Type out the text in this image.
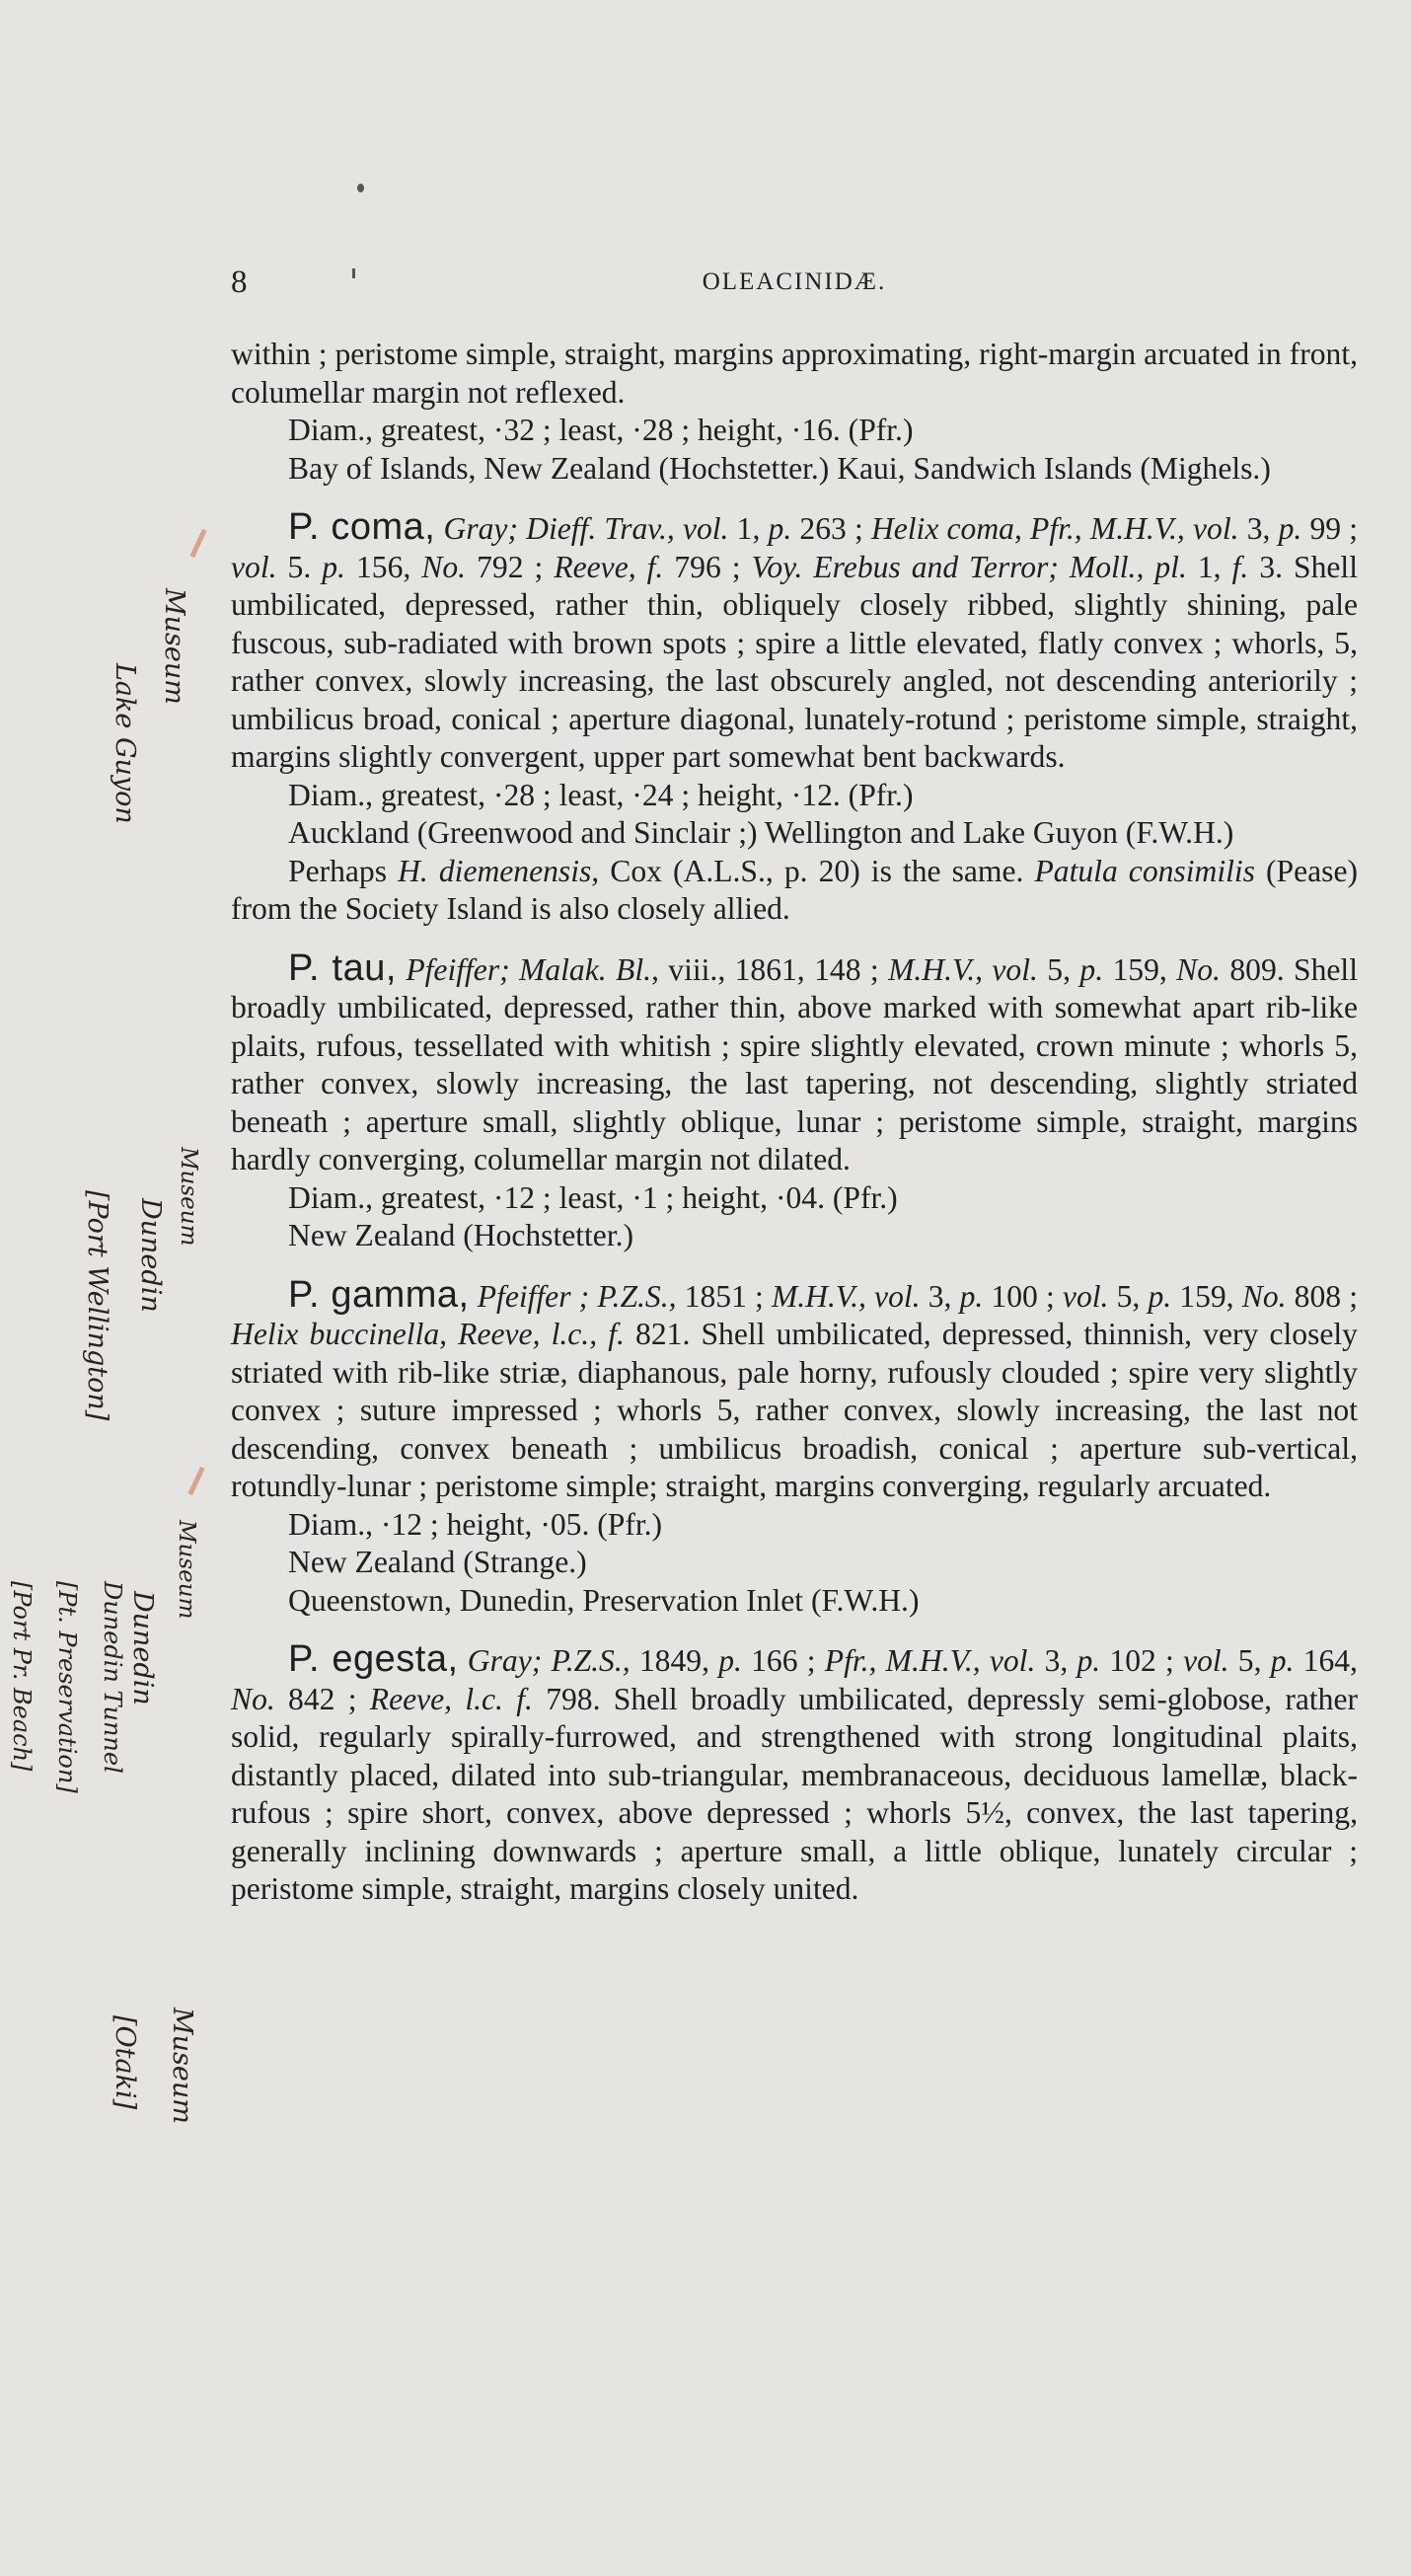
8	OLEACINIDÆ.
Museum
Lake Guyon
Museum
Dunedin
[Port Wellington]
Museum
Dunedin
Dunedin Tunnel
[Pt. Preservation]
[Port Pr. Beach]
Museum
[Otaki]

within ; peristome simple, straight, margins approximating, right-margin arcuated in front, columellar margin not reflexed.

Diam., greatest, ·32 ; least, ·28 ; height, ·16. (Pfr.)

Bay of Islands, New Zealand (Hochstetter.) Kaui, Sandwich Islands (Mighels.)

P. coma, Gray; Dieff. Trav., vol. 1, p. 263 ; Helix coma, Pfr., M.H.V., vol. 3, p. 99 ; vol. 5. p. 156, No. 792 ; Reeve, f. 796 ; Voy. Erebus and Terror; Moll., pl. 1, f. 3. Shell umbilicated, depressed, rather thin, obliquely closely ribbed, slightly shining, pale fuscous, sub-radiated with brown spots ; spire a little elevated, flatly convex ; whorls, 5, rather convex, slowly increasing, the last obscurely angled, not descending anteriorily ; umbilicus broad, conical ; aperture diagonal, lunately-rotund ; peristome simple, straight, margins slightly convergent, upper part somewhat bent backwards.

Diam., greatest, ·28 ; least, ·24 ; height, ·12. (Pfr.)

Auckland (Greenwood and Sinclair ;) Wellington and Lake Guyon (F.W.H.)

Perhaps H. diemenensis, Cox (A.L.S., p. 20) is the same. Patula consimilis (Pease) from the Society Island is also closely allied.

P. tau, Pfeiffer; Malak. Bl., viii., 1861, 148 ; M.H.V., vol. 5, p. 159, No. 809. Shell broadly umbilicated, depressed, rather thin, above marked with somewhat apart rib-like plaits, rufous, tessellated with whitish ; spire slightly elevated, crown minute ; whorls 5, rather convex, slowly increasing, the last tapering, not descending, slightly striated beneath ; aperture small, slightly oblique, lunar ; peristome simple, straight, margins hardly converging, columellar margin not dilated.

Diam., greatest, ·12 ; least, ·1 ; height, ·04. (Pfr.)

New Zealand (Hochstetter.)

P. gamma, Pfeiffer ; P.Z.S., 1851 ; M.H.V., vol. 3, p. 100 ; vol. 5, p. 159, No. 808 ; Helix buccinella, Reeve, l.c., f. 821. Shell umbilicated, depressed, thinnish, very closely striated with rib-like striæ, diaphanous, pale horny, rufously clouded ; spire very slightly convex ; suture impressed ; whorls 5, rather convex, slowly increasing, the last not descending, convex beneath ; umbilicus broadish, conical ; aperture sub-vertical, rotundly-lunar ; peristome simple; straight, margins converging, regularly arcuated.

Diam., ·12 ; height, ·05. (Pfr.)

New Zealand (Strange.)

Queenstown, Dunedin, Preservation Inlet (F.W.H.)

P. egesta, Gray; P.Z.S., 1849, p. 166 ; Pfr., M.H.V., vol. 3, p. 102 ; vol. 5, p. 164, No. 842 ; Reeve, l.c. f. 798. Shell broadly umbilicated, depressly semi-globose, rather solid, regularly spirally-furrowed, and strengthened with strong longitudinal plaits, distantly placed, dilated into sub-triangular, membranaceous, deciduous lamellæ, black-rufous ; spire short, convex, above depressed ; whorls 5½, convex, the last tapering, generally inclining downwards ; aperture small, a little oblique, lunately circular ; peristome simple, straight, margins closely united.
